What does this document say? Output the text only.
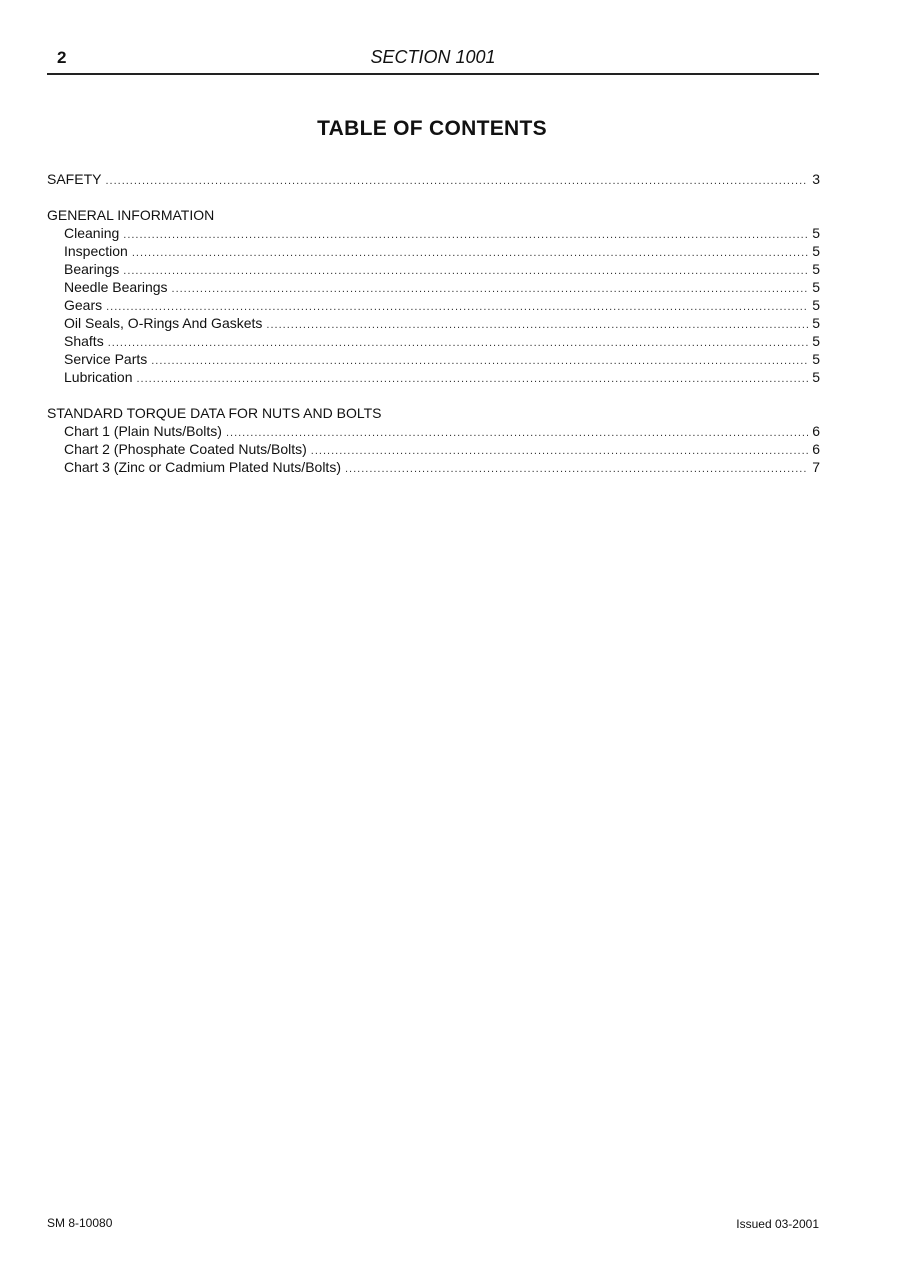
2	SECTION 1001
TABLE OF CONTENTS
SAFETY .....	3
GENERAL INFORMATION
Cleaning .....	5
Inspection .....	5
Bearings .....	5
Needle Bearings .....	5
Gears .....	5
Oil Seals, O-Rings And Gaskets .....	5
Shafts .....	5
Service Parts .....	5
Lubrication .....	5
STANDARD TORQUE DATA FOR NUTS AND BOLTS
Chart 1 (Plain Nuts/Bolts) .....	6
Chart 2 (Phosphate Coated Nuts/Bolts) .....	6
Chart 3 (Zinc or Cadmium Plated Nuts/Bolts) .....	7
SM 8-10080	Issued 03-2001
